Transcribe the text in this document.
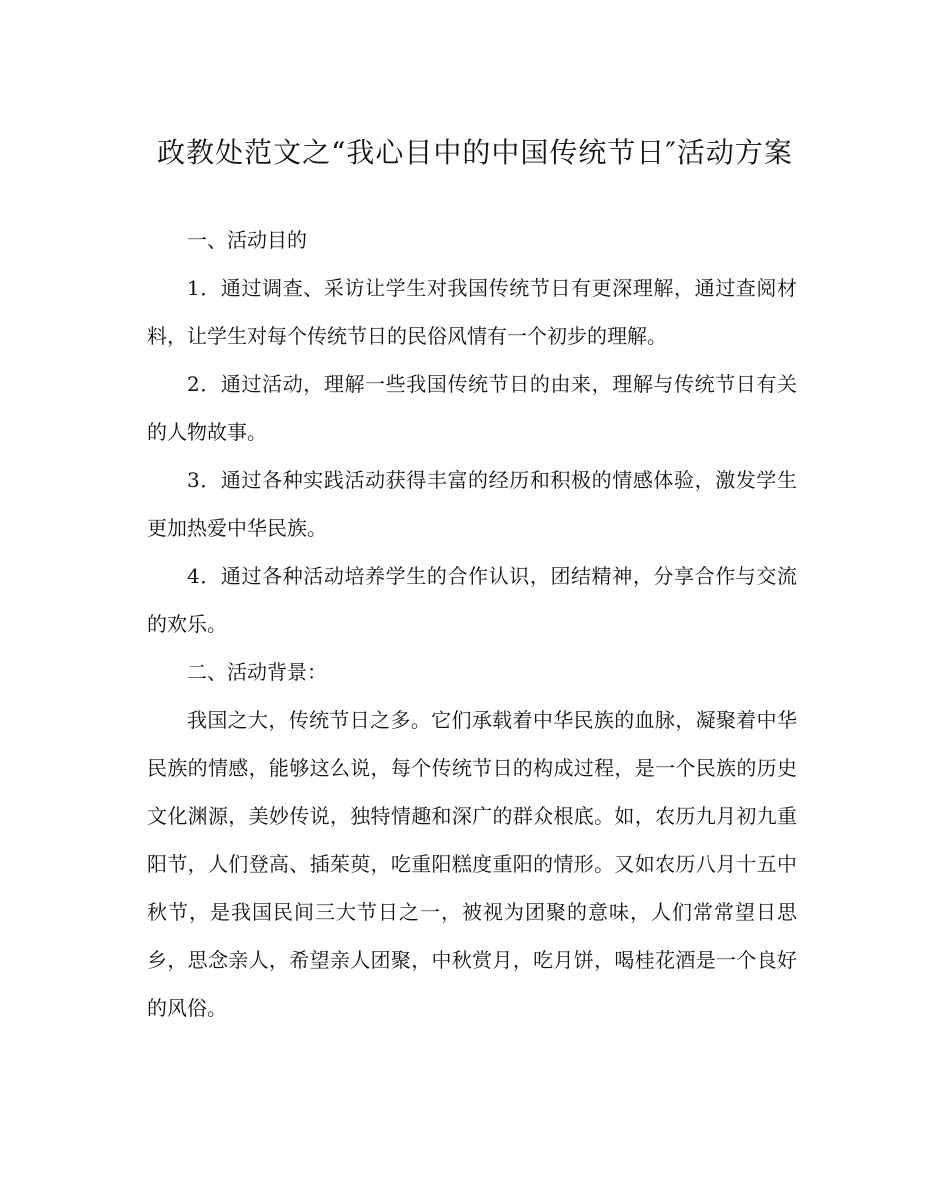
政教处范文之“我心目中的中国传统节日″活动方案

一、活动目的

1．通过调查、采访让学生对我国传统节日有更深理解，通过查阅材料，让学生对每个传统节日的民俗风情有一个初步的理解。

2．通过活动，理解一些我国传统节日的由来，理解与传统节日有关的人物故事。

3．通过各种实践活动获得丰富的经历和积极的情感体验，激发学生更加热爱中华民族。

4．通过各种活动培养学生的合作认识，团结精神，分享合作与交流的欢乐。

二、活动背景：

我国之大，传统节日之多。它们承载着中华民族的血脉，凝聚着中华民族的情感，能够这么说，每个传统节日的构成过程，是一个民族的历史文化渊源，美妙传说，独特情趣和深广的群众根底。如，农历九月初九重阳节，人们登高、插茱萸，吃重阳糕度重阳的情形。又如农历八月十五中秋节，是我国民间三大节日之一，被视为团聚的意味，人们常常望日思乡，思念亲人，希望亲人团聚，中秋赏月，吃月饼，喝桂花酒是一个良好的风俗。
